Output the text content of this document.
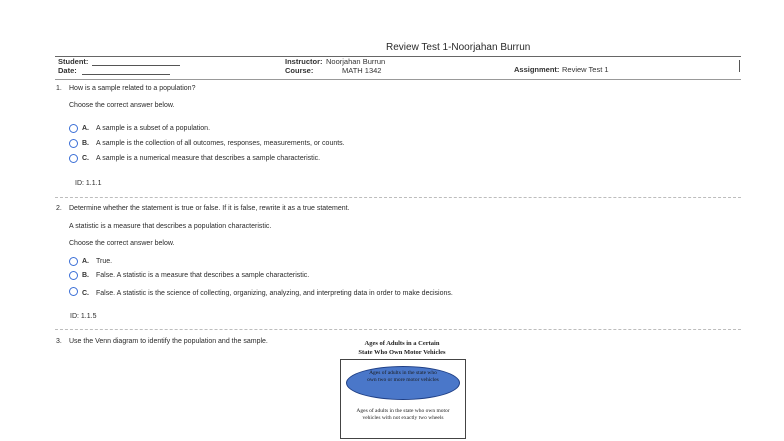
Review Test 1-Noorjahan Burrun
Student:
Date:
Instructor: Noorjahan Burrun
Course:	MATH 1342	Assignment: Review Test 1
1. How is a sample related to a population?
Choose the correct answer below.
A. A sample is a subset of a population.
B. A sample is the collection of all outcomes, responses, measurements, or counts.
C. A sample is a numerical measure that describes a sample characteristic.
ID: 1.1.1
2. Determine whether the statement is true or false. If it is false, rewrite it as a true statement.
A statistic is a measure that describes a population characteristic.
Choose the correct answer below.
A. True.
B. False. A statistic is a measure that describes a sample characteristic.
C. False. A statistic is the science of collecting, organizing, analyzing, and interpreting data in order to make decisions.
ID: 1.1.5
3. Use the Venn diagram to identify the population and the sample.	Ages of Adults in a Certain
State Who Own Motor Vehicles
Ages of adults in the state who own two or more motor vehicles
Ages of adults in the state who own motor vehicles with not exactly two wheels
